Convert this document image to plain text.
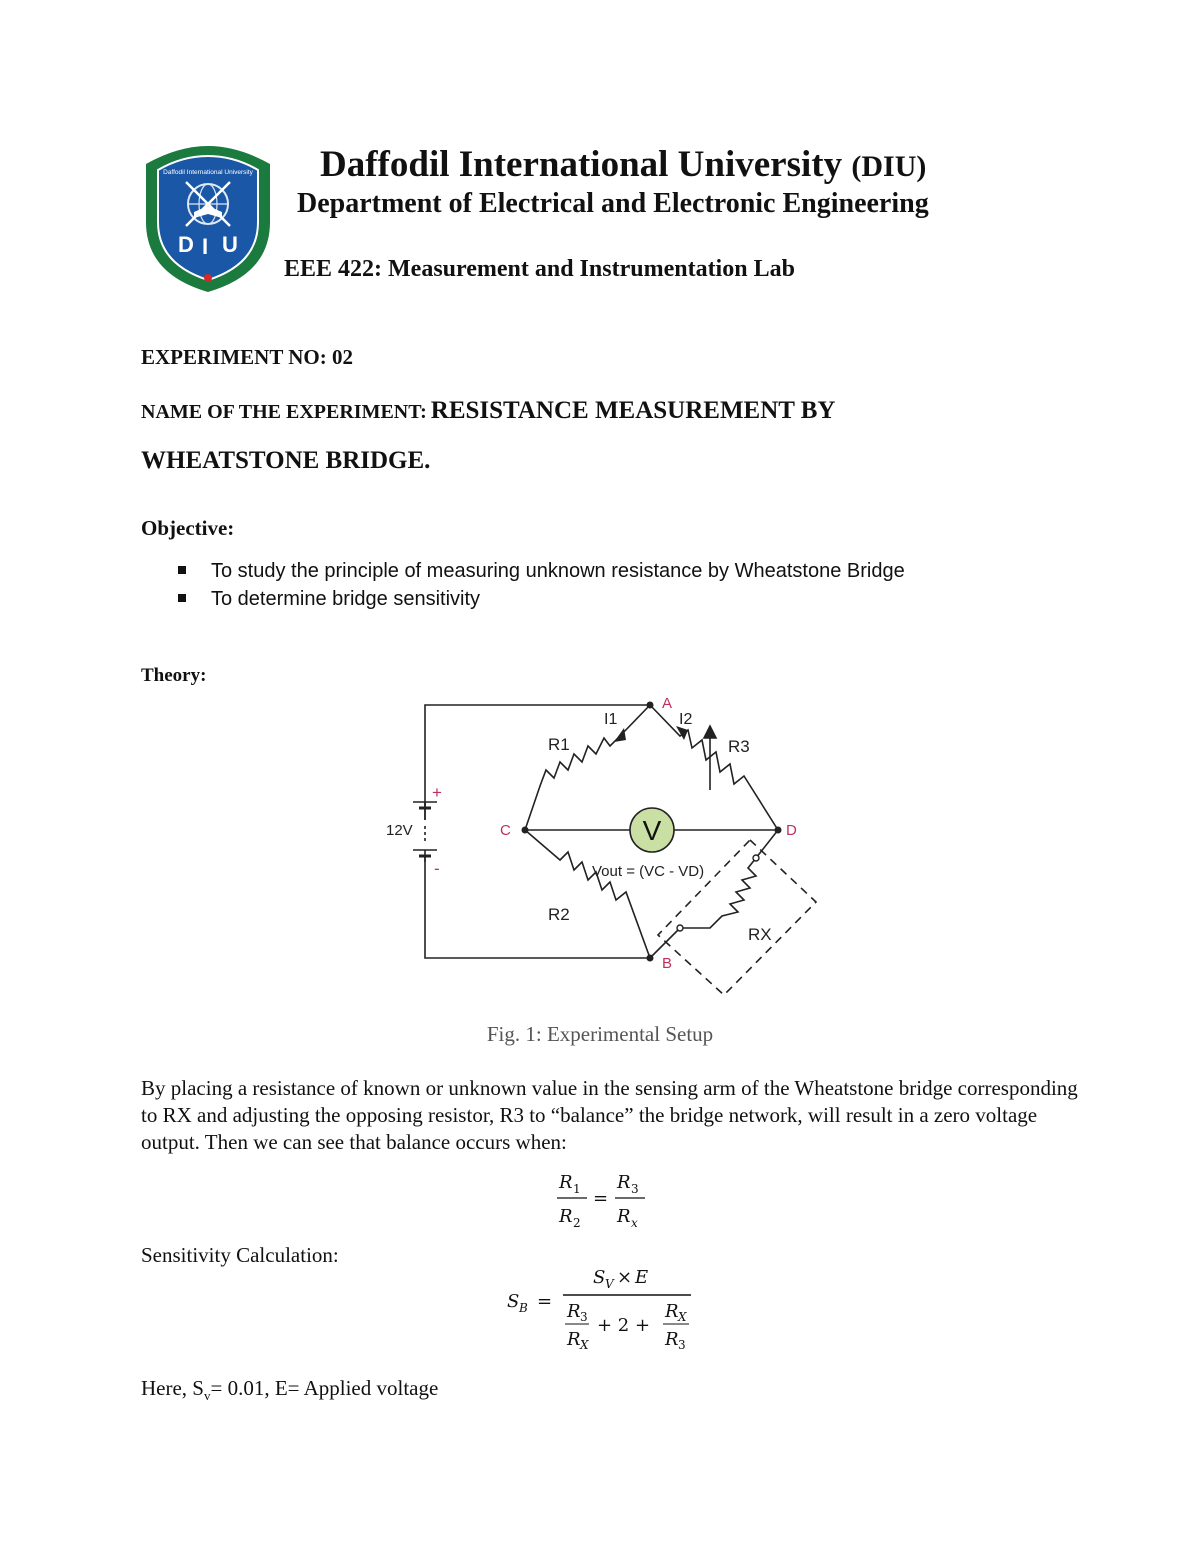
Daffodil International University
D I U
Daffodil International University (DIU)
Department of Electrical and Electronic Engineering
EEE 422: Measurement and Instrumentation Lab
EXPERIMENT NO: 02
NAME OF THE EXPERIMENT: RESISTANCE MEASUREMENT BY
WHEATSTONE BRIDGE.
Objective:
To study the principle of measuring unknown resistance by Wheatstone Bridge
To determine bridge sensitivity
Theory:
V
A
C	D
B
+
-
12V
R1	R3
R2
RX
I1	I2
Vout = (VC - VD)
Fig. 1: Experimental Setup
By placing a resistance of known or unknown value in the sensing arm of the Wheatstone bridge corresponding to RX and adjusting the opposing resistor, R3 to “balance” the bridge network, will result in a zero voltage output. Then we can see that balance occurs when:
R 1
R 2
=
R 3
R x
Sensitivity Calculation:
S B =
S V × E
R 3
R X
+ 2 +
R X
R 3
Here, $S_v= 0.01$, E= Applied voltage
